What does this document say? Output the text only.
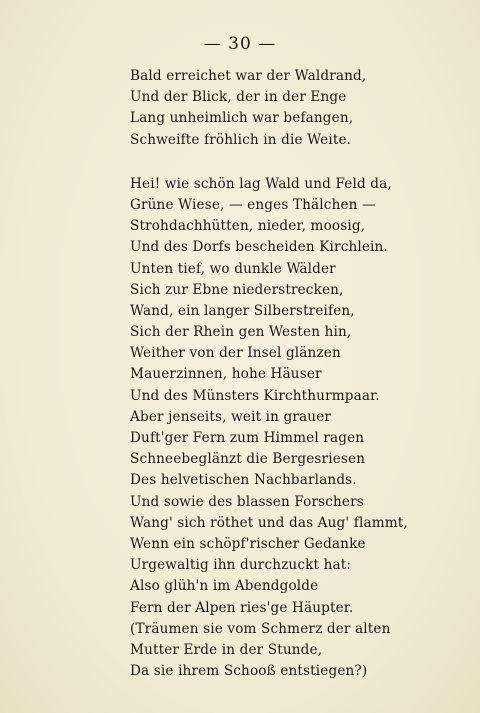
— 30 —
Bald erreichet war der Waldrand,
Und der Blick, der in der Enge
Lang unheimlich war befangen,
Schweifte fröhlich in die Weite.
Hei! wie schön lag Wald und Feld da,
Grüne Wiese, — enges Thälchen —
Strohdachhütten, nieder, moosig,
Und des Dorfs bescheiden Kirchlein.
Unten tief, wo dunkle Wälder
Sich zur Ebne niederstrecken,
Wand, ein langer Silberstreifen,
Sich der Rhein gen Westen hin,
Weither von der Insel glänzen
Mauerzinnen, hohe Häuser
Und des Münsters Kirchthurmpaar.
Aber jenseits, weit in grauer
Duft'ger Fern zum Himmel ragen
Schneebeglänzt die Bergesriesen
Des helvetischen Nachbarlands.
Und sowie des blassen Forschers
Wang' sich röthet und das Aug' flammt,
Wenn ein schöpf'rischer Gedanke
Urgewaltig ihn durchzuckt hat:
Also glüh'n im Abendgolde
Fern der Alpen ries'ge Häupter.
(Träumen sie vom Schmerz der alten
Mutter Erde in der Stunde,
Da sie ihrem Schooß entstiegen?)
